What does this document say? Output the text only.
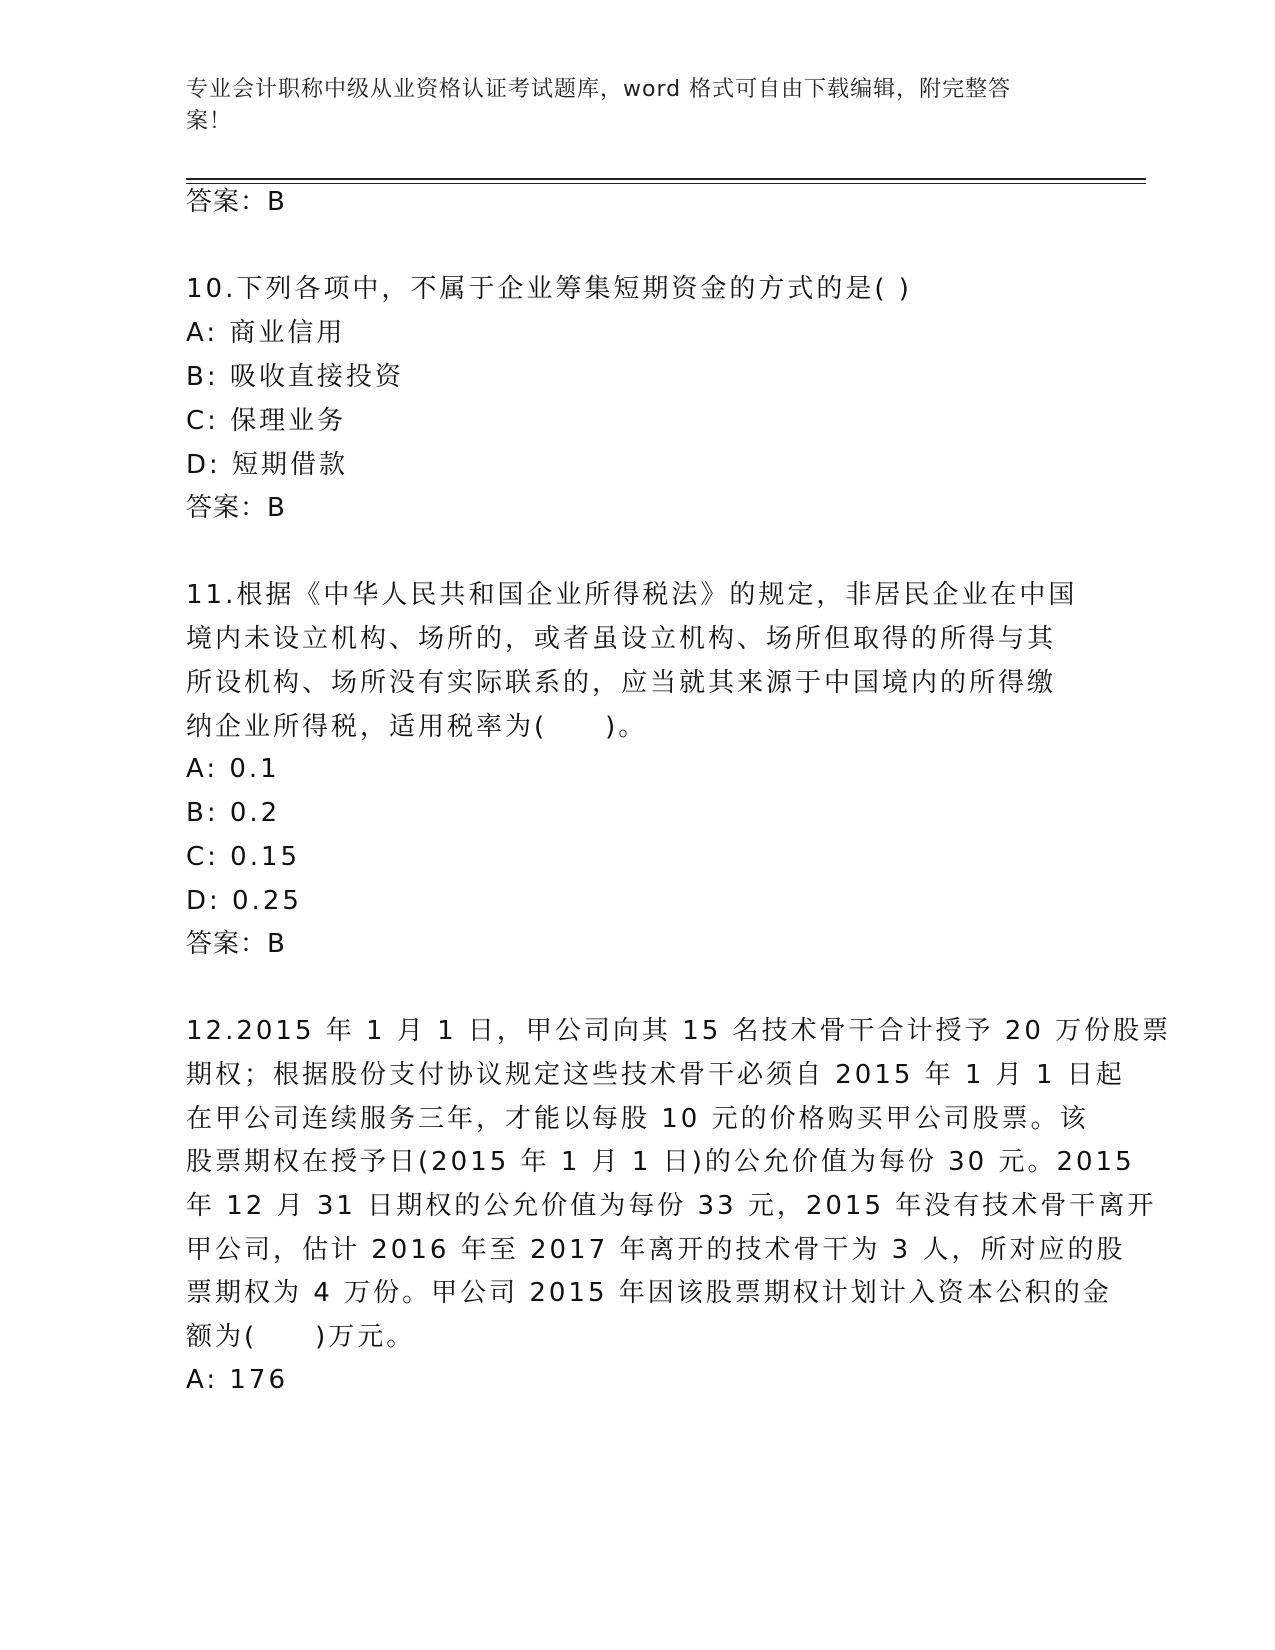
专业会计职称中级从业资格认证考试题库，word 格式可自由下载编辑，附完整答
案！
答案：B
10.下列各项中，不属于企业筹集短期资金的方式的是( )
A: 商业信用
B: 吸收直接投资
C: 保理业务
D: 短期借款
答案：B
11.根据《中华人民共和国企业所得税法》的规定，非居民企业在中国
境内未设立机构、场所的，或者虽设立机构、场所但取得的所得与其
所设机构、场所没有实际联系的，应当就其来源于中国境内的所得缴
纳企业所得税，适用税率为(　　)。
A: 0.1
B: 0.2
C: 0.15
D: 0.25
答案：B
12.2015 年 1 月 1 日，甲公司向其 15 名技术骨干合计授予 20 万份股票
期权；根据股份支付协议规定这些技术骨干必须自 2015 年 1 月 1 日起
在甲公司连续服务三年，才能以每股 10 元的价格购买甲公司股票。该
股票期权在授予日(2015 年 1 月 1 日)的公允价值为每份 30 元。2015
年 12 月 31 日期权的公允价值为每份 33 元，2015 年没有技术骨干离开
甲公司，估计 2016 年至 2017 年离开的技术骨干为 3 人，所对应的股
票期权为 4 万份。甲公司 2015 年因该股票期权计划计入资本公积的金
额为(　　)万元。
A: 176
